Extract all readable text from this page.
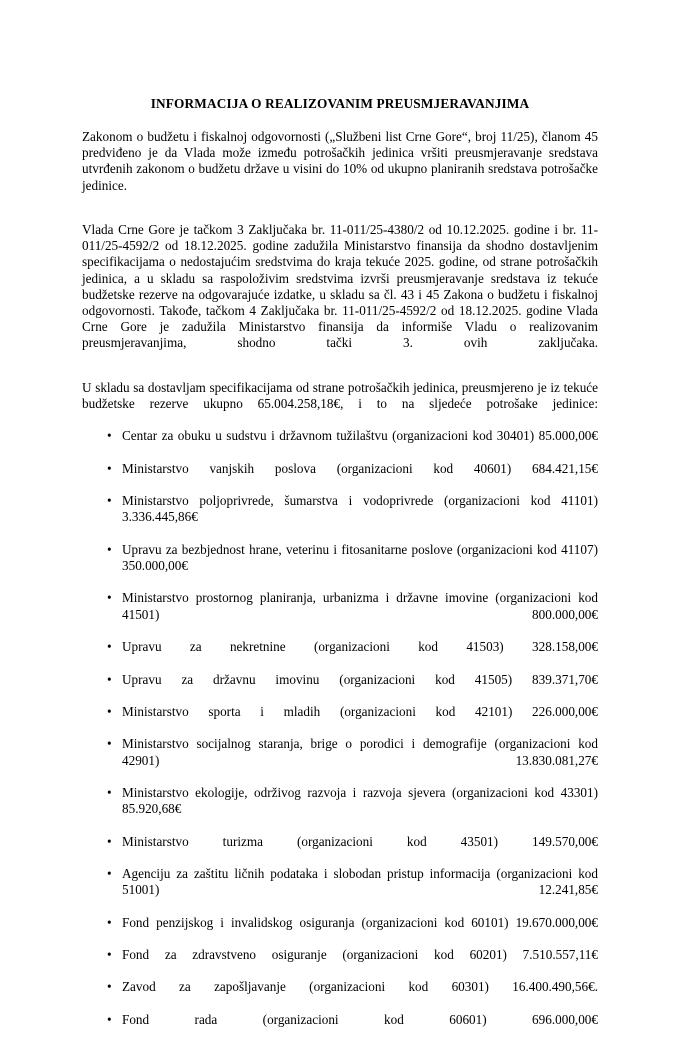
INFORMACIJA O REALIZOVANIM PREUSMJERAVANJIMA

Zakonom o budžetu i fiskalnoj odgovornosti („Službeni list Crne Gore“, broj 11/25), članom 45 predviđeno je da Vlada može između potrošačkih jedinica vršiti preusmjeravanje sredstava utvrđenih zakonom o budžetu države u visini do 10% od ukupno planiranih sredstava potrošačke jedinice.

Vlada Crne Gore je tačkom 3 Zaključaka br. 11-011/25-4380/2 od 10.12.2025. godine i br. 11-011/25-4592/2 od 18.12.2025. godine zadužila Ministarstvo finansija da shodno dostavljenim specifikacijama o nedostajućim sredstvima do kraja tekuće 2025. godine, od strane potrošačkih jedinica, a u skladu sa raspoloživim sredstvima izvrši preusmjeravanje sredstava iz tekuće budžetske rezerve na odgovarajuće izdatke, u skladu sa čl. 43 i 45 Zakona o budžetu i fiskalnoj odgovornosti. Takođe, tačkom 4 Zaključaka br. 11-011/25-4592/2 od 18.12.2025. godine Vlada Crne Gore je zadužila Ministarstvo finansija da informiše Vladu o realizovanim preusmjeravanjima, shodno tački 3. ovih zaključaka.

U skladu sa dostavljam specifikacijama od strane potrošačkih jedinica, preusmjereno je iz tekuće budžetske rezerve ukupno 65.004.258,18€, i to na sljedeće potrošake jedinice:

• Centar za obuku u sudstvu i državnom tužilaštvu (organizacioni kod 30401) 85.000,00€
• Ministarstvo vanjskih poslova (organizacioni kod 40601) 684.421,15€
• Ministarstvo poljoprivrede, šumarstva i vodoprivrede (organizacioni kod 41101) 3.336.445,86€
• Upravu za bezbjednost hrane, veterinu i fitosanitarne poslove (organizacioni kod 41107) 350.000,00€
• Ministarstvo prostornog planiranja, urbanizma i državne imovine (organizacioni kod 41501) 800.000,00€
• Upravu za nekretnine (organizacioni kod 41503) 328.158,00€
• Upravu za državnu imovinu (organizacioni kod 41505) 839.371,70€
• Ministarstvo sporta i mladih (organizacioni kod 42101) 226.000,00€
• Ministarstvo socijalnog staranja, brige o porodici i demografije (organizacioni kod 42901) 13.830.081,27€
• Ministarstvo ekologije, održivog razvoja i razvoja sjevera (organizacioni kod 43301) 85.920,68€
• Ministarstvo turizma (organizacioni kod 43501) 149.570,00€
• Agenciju za zaštitu ličnih podataka i slobodan pristup informacija (organizacioni kod 51001) 12.241,85€
• Fond penzijskog i invalidskog osiguranja (organizacioni kod 60101) 19.670.000,00€
• Fond za zdravstveno osiguranje (organizacioni kod 60201) 7.510.557,11€
• Zavod za zapošljavanje (organizacioni kod 60301) 16.400.490,56€.
• Fond rada (organizacioni kod 60601) 696.000,00€
